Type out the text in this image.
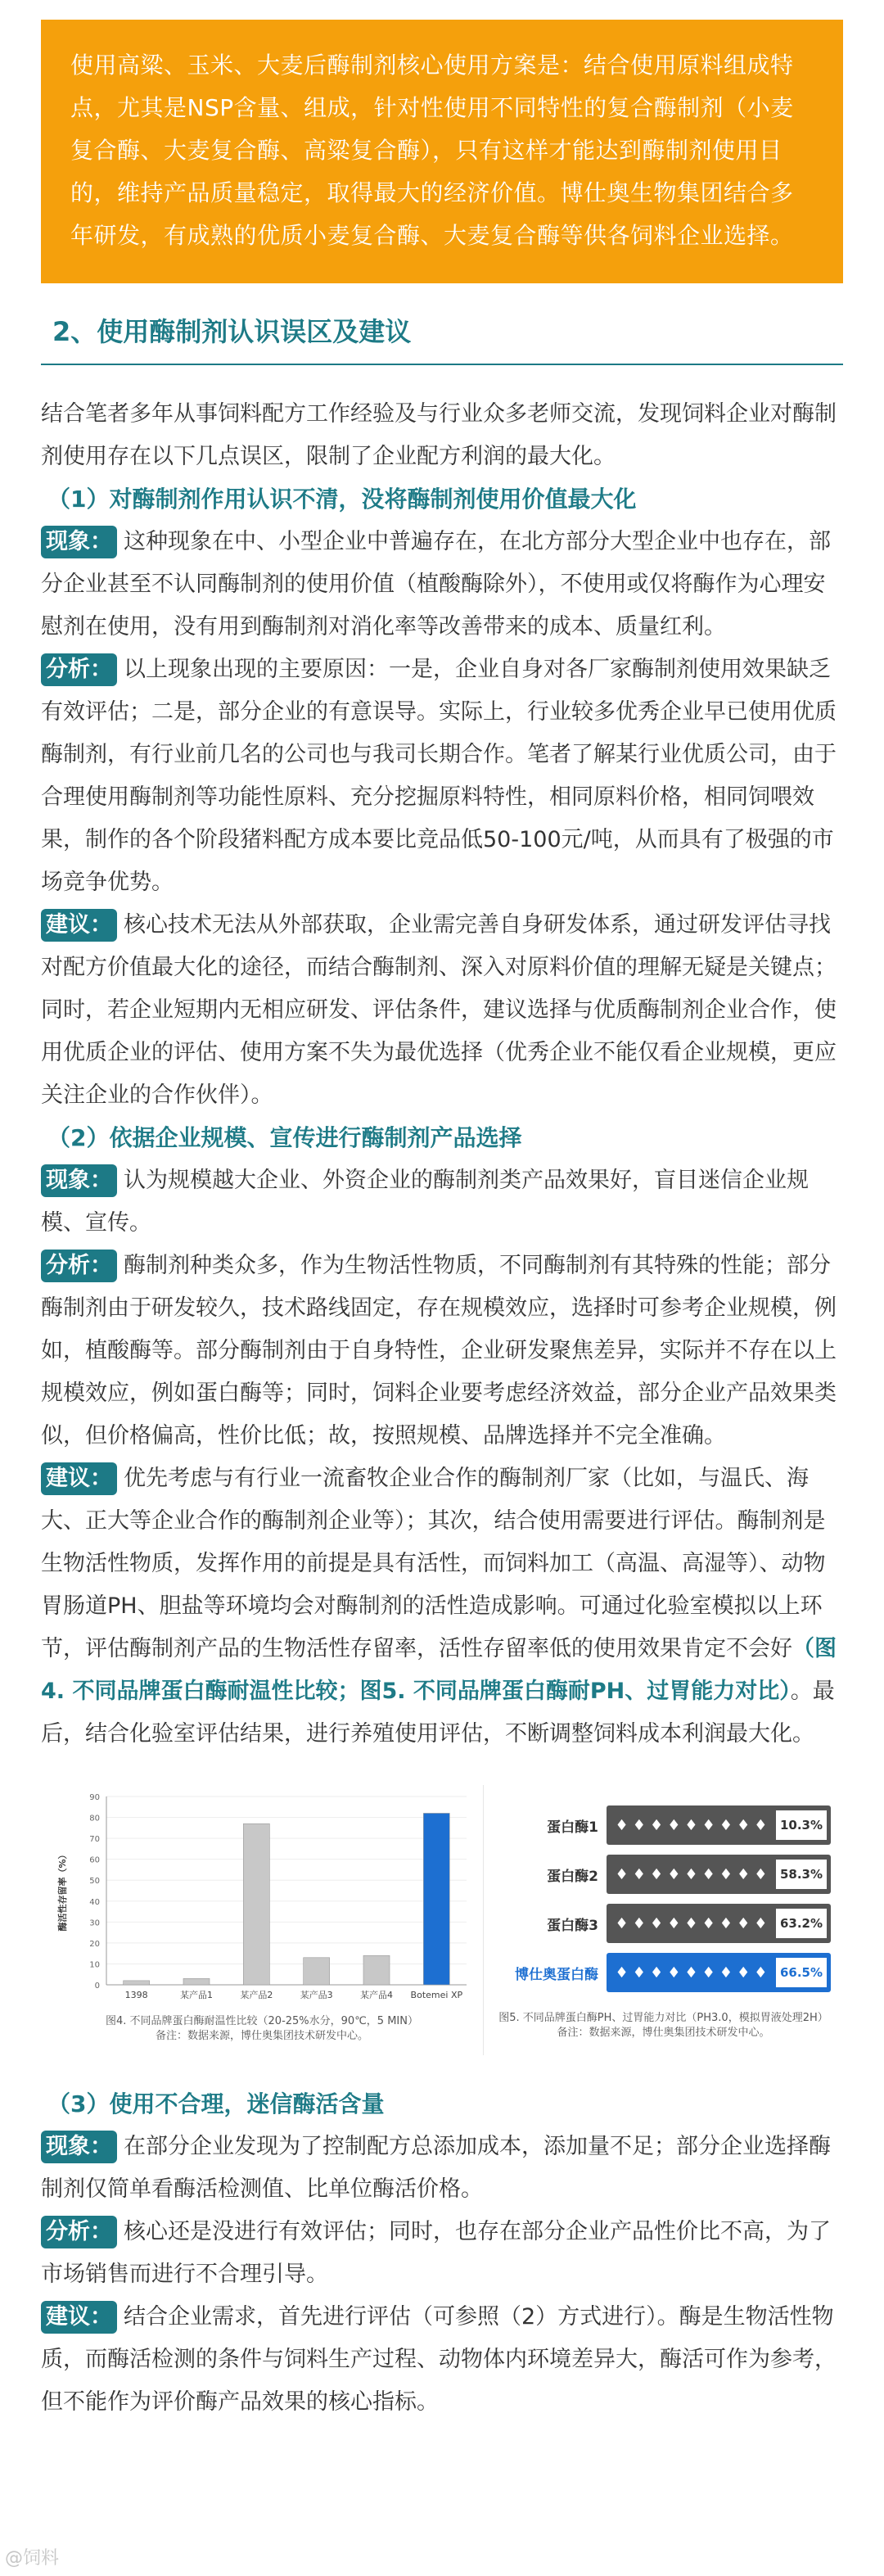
使用高粱、玉米、大麦后酶制剂核心使用方案是：结合使用原料组成特点，尤其是NSP含量、组成，针对性使用不同特性的复合酶制剂（小麦复合酶、大麦复合酶、高粱复合酶），只有这样才能达到酶制剂使用目的，维持产品质量稳定，取得最大的经济价值。博仕奥生物集团结合多年研发，有成熟的优质小麦复合酶、大麦复合酶等供各饲料企业选择。
2、使用酶制剂认识误区及建议

结合笔者多年从事饲料配方工作经验及与行业众多老师交流，发现饲料企业对酶制剂使用存在以下几点误区，限制了企业配方利润的最大化。

（1）对酶制剂作用认识不清，没将酶制剂使用价值最大化

现象： 这种现象在中、小型企业中普遍存在，在北方部分大型企业中也存在，部分企业甚至不认同酶制剂的使用价值（植酸酶除外），不使用或仅将酶作为心理安慰剂在使用，没有用到酶制剂对消化率等改善带来的成本、质量红利。

分析： 以上现象出现的主要原因：一是，企业自身对各厂家酶制剂使用效果缺乏有效评估；二是，部分企业的有意误导。实际上，行业较多优秀企业早已使用优质酶制剂，有行业前几名的公司也与我司长期合作。笔者了解某行业优质公司，由于合理使用酶制剂等功能性原料、充分挖掘原料特性，相同原料价格，相同饲喂效果，制作的各个阶段猪料配方成本要比竞品低50-100元/吨，从而具有了极强的市场竞争优势。

建议： 核心技术无法从外部获取，企业需完善自身研发体系，通过研发评估寻找对配方价值最大化的途径，而结合酶制剂、深入对原料价值的理解无疑是关键点；同时，若企业短期内无相应研发、评估条件，建议选择与优质酶制剂企业合作，使用优质企业的评估、使用方案不失为最优选择（优秀企业不能仅看企业规模，更应关注企业的合作伙伴）。

（2）依据企业规模、宣传进行酶制剂产品选择

现象： 认为规模越大企业、外资企业的酶制剂类产品效果好，盲目迷信企业规模、宣传。

分析： 酶制剂种类众多，作为生物活性物质，不同酶制剂有其特殊的性能；部分酶制剂由于研发较久，技术路线固定，存在规模效应，选择时可参考企业规模，例如，植酸酶等。部分酶制剂由于自身特性，企业研发聚焦差异，实际并不存在以上规模效应，例如蛋白酶等；同时，饲料企业要考虑经济效益，部分企业产品效果类似，但价格偏高，性价比低；故，按照规模、品牌选择并不完全准确。

建议： 优先考虑与有行业一流畜牧企业合作的酶制剂厂家（比如，与温氏、海大、正大等企业合作的酶制剂企业等）；其次，结合使用需要进行评估。酶制剂是生物活性物质，发挥作用的前提是具有活性，而饲料加工（高温、高湿等）、动物胃肠道PH、胆盐等环境均会对酶制剂的活性造成影响。可通过化验室模拟以上环节，评估酶制剂产品的生物活性存留率，活性存留率低的使用效果肯定不会好（图4. 不同品牌蛋白酶耐温性比较；图5. 不同品牌蛋白酶耐PH、过胃能力对比）。最后，结合化验室评估结果，进行养殖使用评估，不断调整饲料成本利润最大化。

0
10
20
30
40
50
60
70
80
90
酶活性存留率（%）
1398	某产品1	某产品2	某产品3	某产品4 Botemei XP
图4. 不同品牌蛋白酶耐温性比较（20-25%水分，90℃，5 MIN）
备注：数据来源，博仕奥集团技术研发中心。
蛋白酶1	♦ ♦ ♦ ♦ ♦ ♦ ♦ ♦ ♦	10.3%
蛋白酶2	♦ ♦ ♦ ♦ ♦ ♦ ♦ ♦ ♦	58.3%
蛋白酶3	♦ ♦ ♦ ♦ ♦ ♦ ♦ ♦ ♦	63.2%
博仕奥蛋白酶	♦ ♦ ♦ ♦ ♦ ♦ ♦ ♦ ♦	66.5%
图5. 不同品牌蛋白酶PH、过胃能力对比（PH3.0，模拟胃液处理2H）
备注：数据来源，博仕奥集团技术研发中心。

（3）使用不合理，迷信酶活含量

现象： 在部分企业发现为了控制配方总添加成本，添加量不足；部分企业选择酶制剂仅简单看酶活检测值、比单位酶活价格。

分析： 核心还是没进行有效评估；同时，也存在部分企业产品性价比不高，为了市场销售而进行不合理引导。

建议： 结合企业需求，首先进行评估（可参照（2）方式进行）。酶是生物活性物质，而酶活检测的条件与饲料生产过程、动物体内环境差异大，酶活可作为参考，但不能作为评价酶产品效果的核心指标。

@饲料
